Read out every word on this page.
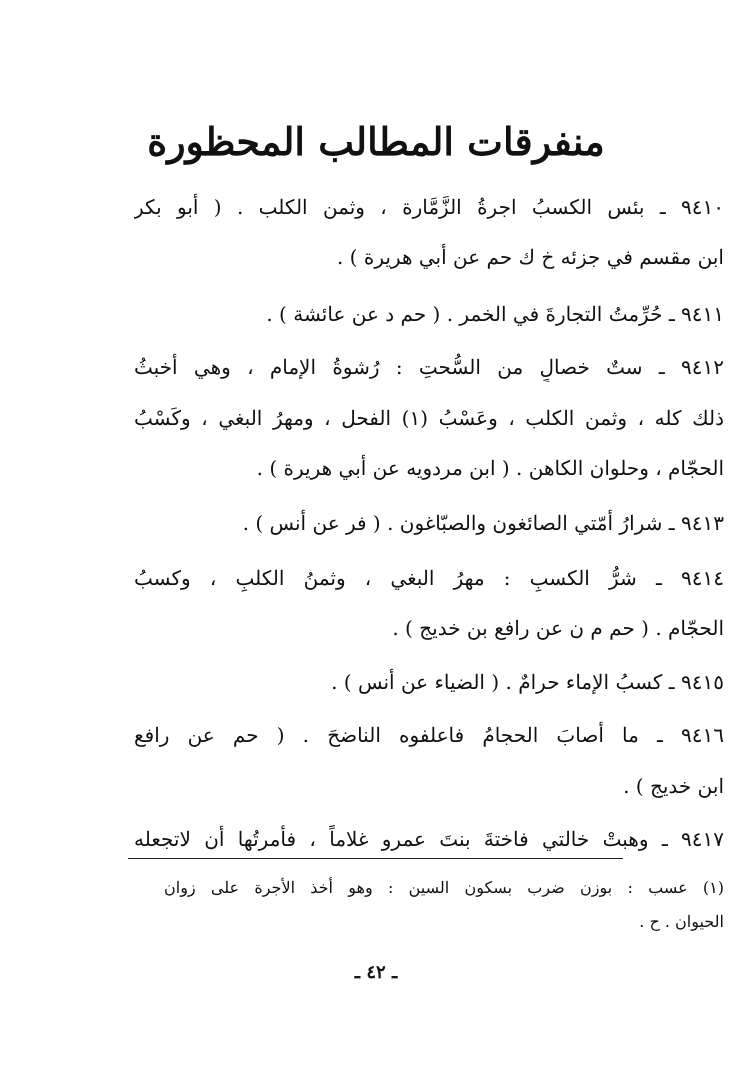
منفرقات المطالب المحظورة
٩٤١٠ ـ بئس الكسبُ اجرةُ الزَّمَّارة ، وثمن الكلب . ( أبو بكر
ابن مقسم في جزئه خ ك حم عن أبي هريرة ) .
٩٤١١ ـ حُرِّمتُ التجارةَ في الخمر . ( حم د عن عائشة ) .
٩٤١٢ ـ ستٌ خصالٍ من السُّحتِ : رُشوةُ الإمام ، وهي أخبثُ
ذلك كله ، وثمن الكلب ، وعَسْبُ (١) الفحل ، ومهرُ البغي ، وكَسْبُ
الحجّام ، وحلوان الكاهن . ( ابن مردويه عن أبي هريرة ) .
٩٤١٣ ـ شرارُ أمّتي الصائغون والصبّاغون . ( فر عن أنس ) .
٩٤١٤ ـ شرُّ الكسبِ : مهرُ البغي ، وثمنُ الكلبِ ، وكسبُ
الحجّام . ( حم م ن عن رافع بن خديج ) .
٩٤١٥ ـ كسبُ الإماء حرامٌ . ( الضياء عن أنس ) .
٩٤١٦ ـ ما أصابَ الحجامُ فاعلفوه الناضحَ . ( حم عن رافع
ابن خديج ) .
٩٤١٧ ـ وهبتْ خالتي فاختةَ بنتَ عمرو غلاماً ، فأمرتُها أن لاتجعله
(١) عسب : بوزن ضرب بسكون السين : وهو أخذ الأجرة على زوان
الحيوان . ح .
ـ ٤٢ ـ
